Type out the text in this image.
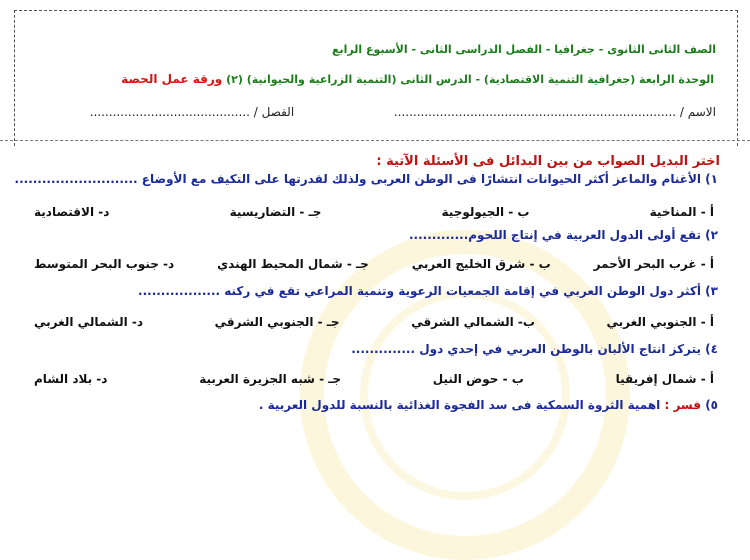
الصف الثانى الثانوى - جغرافيا - الفصل الدراسى الثانى - الأسبوع الرابع
الوحدة الرابعة (جغرافية التنمية الاقتصادية) - الدرس الثانى (التنمية الزراعية والحيوانية) (٢) ورقة عمل الحصة
الاسم / ..........................................................................  الفصل / ..........................................
اختر البديل الصواب من بين البدائل فى الأسئلة الآتية :
١) الأغنام والماعز أكثر الحيوانات انتشارًا فى الوطن العربى ولذلك لقدرتها على التكيف مع الأوضاع ...........................
أ - المناخية
ب - الجيولوجية
جـ - التضاريسية
د- الاقتصادية
٢) تقع أولى الدول العربية في إنتاج اللحوم.............
أ - غرب البحر الأحمر
ب - شرق الخليج العربي
جـ - شمال المحيط الهندي
د- جنوب البحر المتوسط
٣) أكثر دول الوطن العربي في إقامة الجمعيات الرعوية وتنمية المراعي تقع في ركنه ..................
أ - الجنوبي الغربي
ب- الشمالي الشرقي
جـ - الجنوبي الشرقي
د- الشمالي الغربي
٤) يتركز انتاج الألبان بالوطن العربي في إحدي دول ..............
أ - شمال إفريقيا
ب - حوض النيل
جـ - شبه الجزيرة العربية
د- بلاد الشام
٥) فسر : اهمية الثروة السمكية فى سد الفجوة الغذائية بالنسبة للدول العربية .
